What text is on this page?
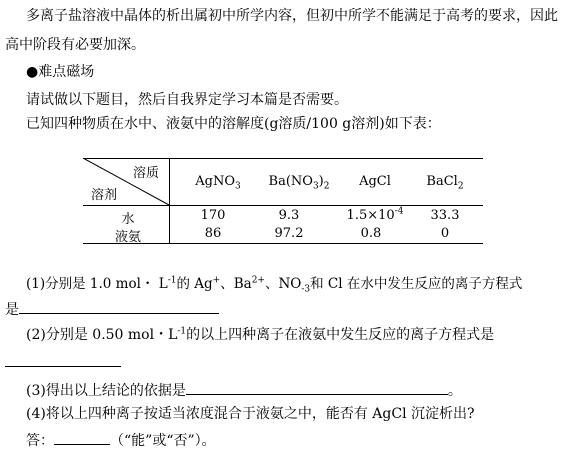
多离子盐溶液中晶体的析出属初中所学内容，但初中所学不能满足于高考的要求，因此
高中阶段有必要加深。
●难点磁场
请试做以下题目，然后自我界定学习本篇是否需要。
已知四种物质在水中、液氨中的溶解度(g溶质/100 g溶剂)如下表：
溶质
溶剂
AgNO$_3$	$Ba(NO_3)_2$	AgCl	BaCl$_2$
水	170	9.3	$1.5\times 10^{-4}$	33.3
液氨	86	97.2	0.8	0
(1)分别是 1.0 mol・ $L^{-1}$的 Ag+、$Ba^{2+}$、$NO_{-3}$和 Cl 在水中发生反应的离子方程式
是
(2)分别是 0.50 mol・$L^{-1}$的以上四种离子在液氨中发生反应的离子方程式是
(3)得出以上结论的依据是	。
(4)将以上四种离子按适当浓度混合于液氨之中，能否有 AgCl 沉淀析出?
答：	（“能”或“否”）。
